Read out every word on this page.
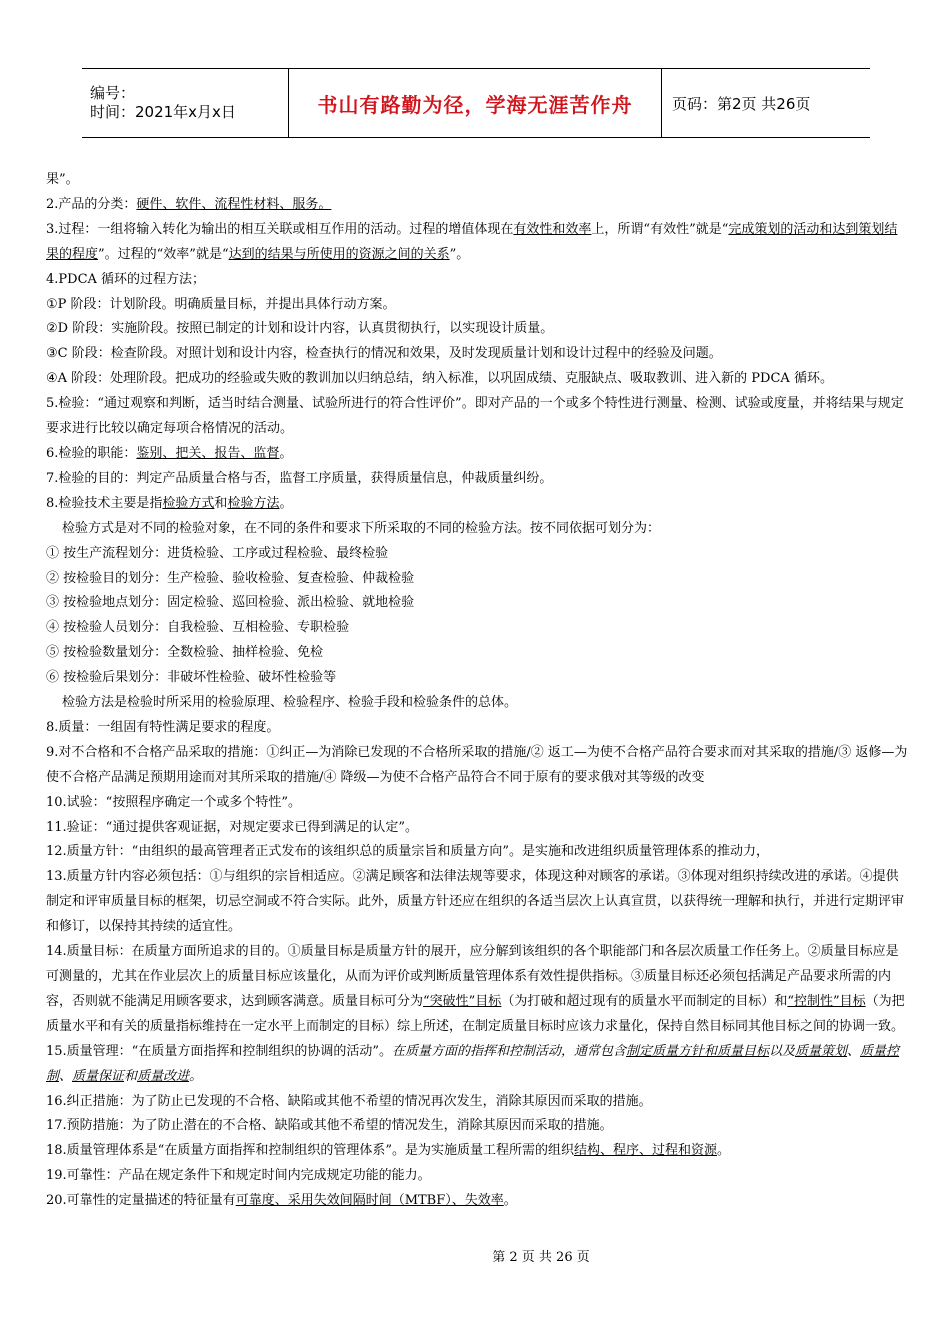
编号：
时间：2021年x月x日	书山有路勤为径，学海无涯苦作舟	页码：第2页 共26页

果”。

2.产品的分类：硬件、软件、流程性材料、服务。

3.过程：一组将输入转化为输出的相互关联或相互作用的活动。过程的增值体现在有效性和效率上，所谓“有效性”就是“完成策划的活动和达到策划结果的程度”。过程的“效率”就是“达到的结果与所使用的资源之间的关系”。

4.PDCA 循环的过程方法；

①P 阶段：计划阶段。明确质量目标，并提出具体行动方案。

②D 阶段：实施阶段。按照已制定的计划和设计内容，认真贯彻执行，以实现设计质量。

③C 阶段：检查阶段。对照计划和设计内容，检查执行的情况和效果，及时发现质量计划和设计过程中的经验及问题。

④A 阶段：处理阶段。把成功的经验或失败的教训加以归纳总结，纳入标准，以巩固成绩、克服缺点、吸取教训、进入新的 PDCA 循环。

5.检验：“通过观察和判断，适当时结合测量、试验所进行的符合性评价”。即对产品的一个或多个特性进行测量、检测、试验或度量，并将结果与规定要求进行比较以确定每项合格情况的活动。

6.检验的职能：鉴别、把关、报告、监督。

7.检验的目的：判定产品质量合格与否，监督工序质量，获得质量信息，仲裁质量纠纷。

8.检验技术主要是指检验方式和检验方法。

检验方式是对不同的检验对象，在不同的条件和要求下所采取的不同的检验方法。按不同依据可划分为：

① 按生产流程划分：进货检验、工序或过程检验、最终检验

② 按检验目的划分：生产检验、验收检验、复查检验、仲裁检验

③ 按检验地点划分：固定检验、巡回检验、派出检验、就地检验

④ 按检验人员划分：自我检验、互相检验、专职检验

⑤ 按检验数量划分：全数检验、抽样检验、免检

⑥ 按检验后果划分：非破坏性检验、破坏性检验等

检验方法是检验时所采用的检验原理、检验程序、检验手段和检验条件的总体。

8.质量：一组固有特性满足要求的程度。

9.对不合格和不合格产品采取的措施：①纠正—为消除已发现的不合格所采取的措施/② 返工—为使不合格产品符合要求而对其采取的措施/③ 返修—为使不合格产品满足预期用途而对其所采取的措施/④ 降级—为使不合格产品符合不同于原有的要求俄对其等级的改变

10.试验：“按照程序确定一个或多个特性”。

11.验证：“通过提供客观证据，对规定要求已得到满足的认定”。

12.质量方针：“由组织的最高管理者正式发布的该组织总的质量宗旨和质量方向”。是实施和改进组织质量管理体系的推动力，

13.质量方针内容必须包括：①与组织的宗旨相适应。②满足顾客和法律法规等要求，体现这种对顾客的承诺。③体现对组织持续改进的承诺。④提供制定和评审质量目标的框架，切忌空洞或不符合实际。此外，质量方针还应在组织的各适当层次上认真宣贯，以获得统一理解和执行，并进行定期评审和修订，以保持其持续的适宜性。

14.质量目标：在质量方面所追求的目的。①质量目标是质量方针的展开，应分解到该组织的各个职能部门和各层次质量工作任务上。②质量目标应是可测量的，尤其在作业层次上的质量目标应该量化，从而为评价或判断质量管理体系有效性提供指标。③质量目标还必须包括满足产品要求所需的内容，否则就不能满足用顾客要求，达到顾客满意。质量目标可分为“突破性”目标（为打破和超过现有的质量水平而制定的目标）和“控制性”目标（为把质量水平和有关的质量指标维持在一定水平上而制定的目标）综上所述，在制定质量目标时应该力求量化，保持自然目标同其他目标之间的协调一致。

15.质量管理：“在质量方面指挥和控制组织的协调的活动”。在质量方面的指挥和控制活动，通常包含制定质量方针和质量目标以及质量策划、质量控制、质量保证和质量改进。

16.纠正措施：为了防止已发现的不合格、缺陷或其他不希望的情况再次发生，消除其原因而采取的措施。

17.预防措施：为了防止潜在的不合格、缺陷或其他不希望的情况发生，消除其原因而采取的措施。

18.质量管理体系是“在质量方面指挥和控制组织的管理体系”。是为实施质量工程所需的组织结构、程序、过程和资源。

19.可靠性：产品在规定条件下和规定时间内完成规定功能的能力。

20.可靠性的定量描述的特征量有可靠度、采用失效间隔时间（MTBF）、失效率。

第 2 页 共 26 页
